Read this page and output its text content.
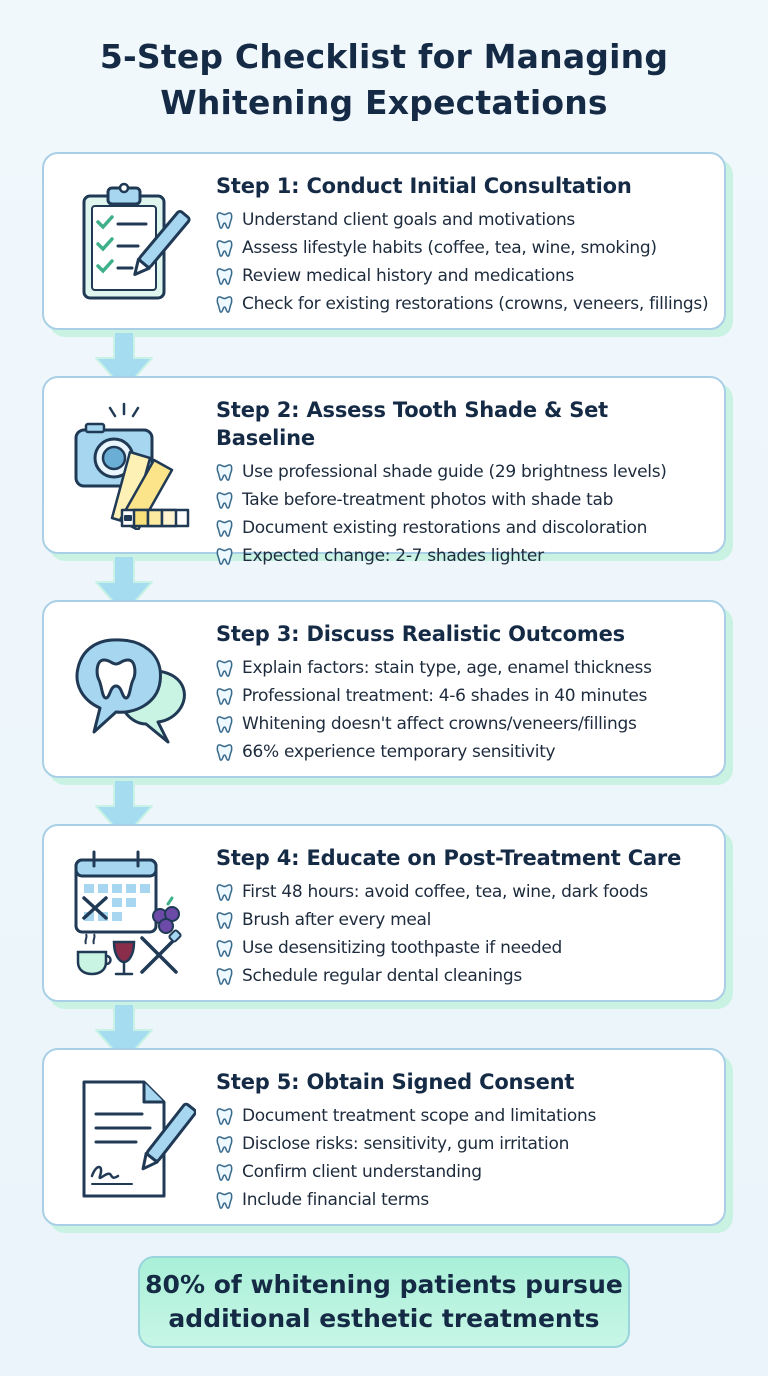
5-Step Checklist for Managing
Whitening Expectations
Step 1: Conduct Initial Consultation
Understand client goals and motivations
Assess lifestyle habits (coffee, tea, wine, smoking)
Review medical history and medications
Check for existing restorations (crowns, veneers, fillings)
Step 2: Assess Tooth Shade & Set Baseline
Use professional shade guide (29 brightness levels)
Take before-treatment photos with shade tab
Document existing restorations and discoloration
Expected change: 2-7 shades lighter
Step 3: Discuss Realistic Outcomes
Explain factors: stain type, age, enamel thickness
Professional treatment: 4-6 shades in 40 minutes
Whitening doesn't affect crowns/veneers/fillings
66% experience temporary sensitivity
Step 4: Educate on Post-Treatment Care
First 48 hours: avoid coffee, tea, wine, dark foods
Brush after every meal
Use desensitizing toothpaste if needed
Schedule regular dental cleanings
Step 5: Obtain Signed Consent
Document treatment scope and limitations
Disclose risks: sensitivity, gum irritation
Confirm client understanding
Include financial terms
80% of whitening patients pursue
additional esthetic treatments
